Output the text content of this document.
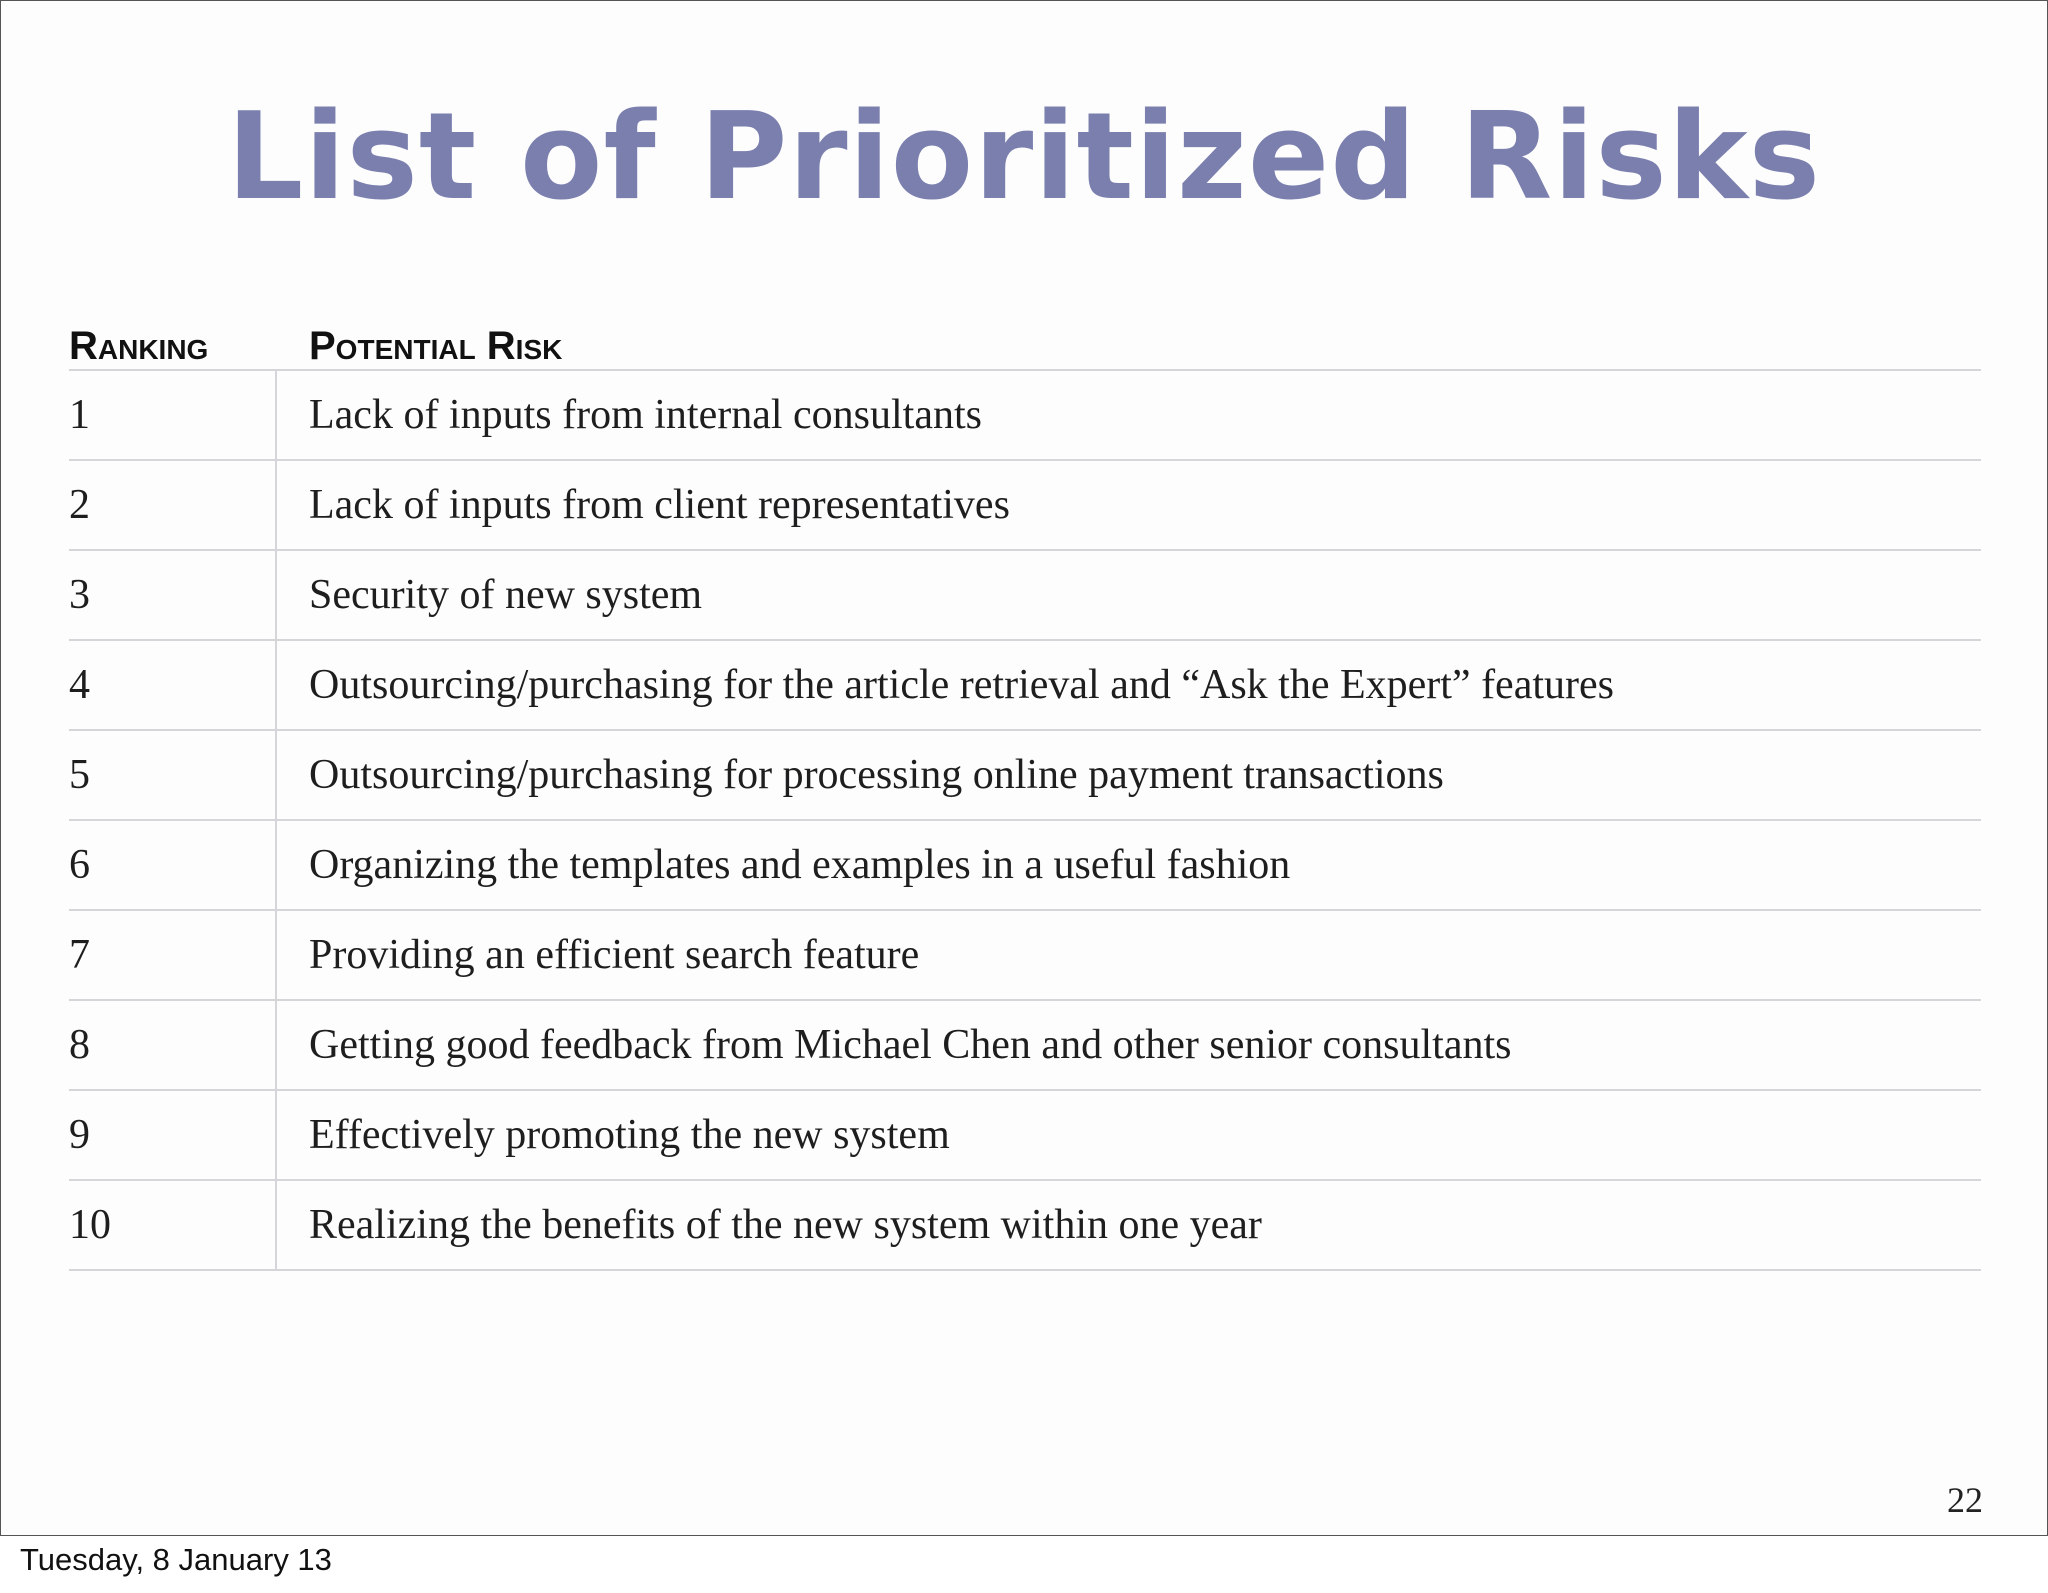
List of Prioritized Risks
Ranking	Potential Risk
1	Lack of inputs from internal consultants
2	Lack of inputs from client representatives
3	Security of new system
4	Outsourcing/purchasing for the article retrieval and “Ask the Expert” features
5	Outsourcing/purchasing for processing online payment transactions
6	Organizing the templates and examples in a useful fashion
7	Providing an efficient search feature
8	Getting good feedback from Michael Chen and other senior consultants
9	Effectively promoting the new system
10	Realizing the benefits of the new system within one year
22
Tuesday, 8 January 13
